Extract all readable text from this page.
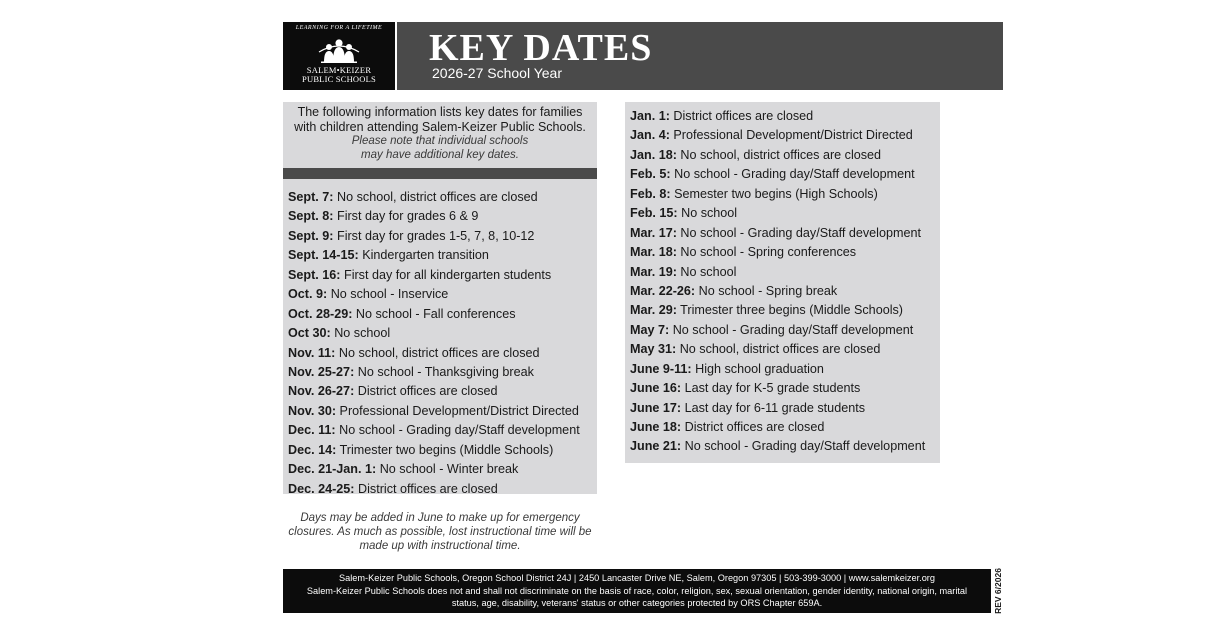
LEARNING FOR A LIFETIME
SALEM•KEIZER
PUBLIC SCHOOLS
KEY DATES
2026-27 School Year
The following information lists key dates for families
with children attending Salem-Keizer Public Schools.
Please note that individual schools
may have additional key dates.
Sept. 7: No school, district offices are closed
Sept. 8: First day for grades 6 & 9
Sept. 9: First day for grades 1-5, 7, 8, 10-12
Sept. 14-15: Kindergarten transition
Sept. 16: First day for all kindergarten students
Oct. 9: No school - Inservice
Oct. 28-29: No school - Fall conferences
Oct 30: No school
Nov. 11: No school, district offices are closed
Nov. 25-27: No school - Thanksgiving break
Nov. 26-27: District offices are closed
Nov. 30: Professional Development/District Directed
Dec. 11: No school - Grading day/Staff development
Dec. 14: Trimester two begins (Middle Schools)
Dec. 21-Jan. 1: No school - Winter break
Dec. 24-25: District offices are closed
Jan. 1: District offices are closed
Jan. 4: Professional Development/District Directed
Jan. 18: No school, district offices are closed
Feb. 5: No school - Grading day/Staff development
Feb. 8: Semester two begins (High Schools)
Feb. 15: No school
Mar. 17: No school - Grading day/Staff development
Mar. 18: No school - Spring conferences
Mar. 19: No school
Mar. 22-26: No school - Spring break
Mar. 29: Trimester three begins (Middle Schools)
May 7: No school - Grading day/Staff development
May 31: No school, district offices are closed
June 9-11: High school graduation
June 16: Last day for K-5 grade students
June 17: Last day for 6-11 grade students
June 18: District offices are closed
June 21: No school - Grading day/Staff development
Days may be added in June to make up for emergency
closures. As much as possible, lost instructional time will be
made up with instructional time.
Salem-Keizer Public Schools, Oregon School District 24J | 2450 Lancaster Drive NE, Salem, Oregon 97305 | 503-399-3000 | www.salemkeizer.org
Salem-Keizer Public Schools does not and shall not discriminate on the basis of race, color, religion, sex, sexual orientation, gender identity, national origin, marital
status, age, disability, veterans' status or other categories protected by ORS Chapter 659A.	REV 6/2026
